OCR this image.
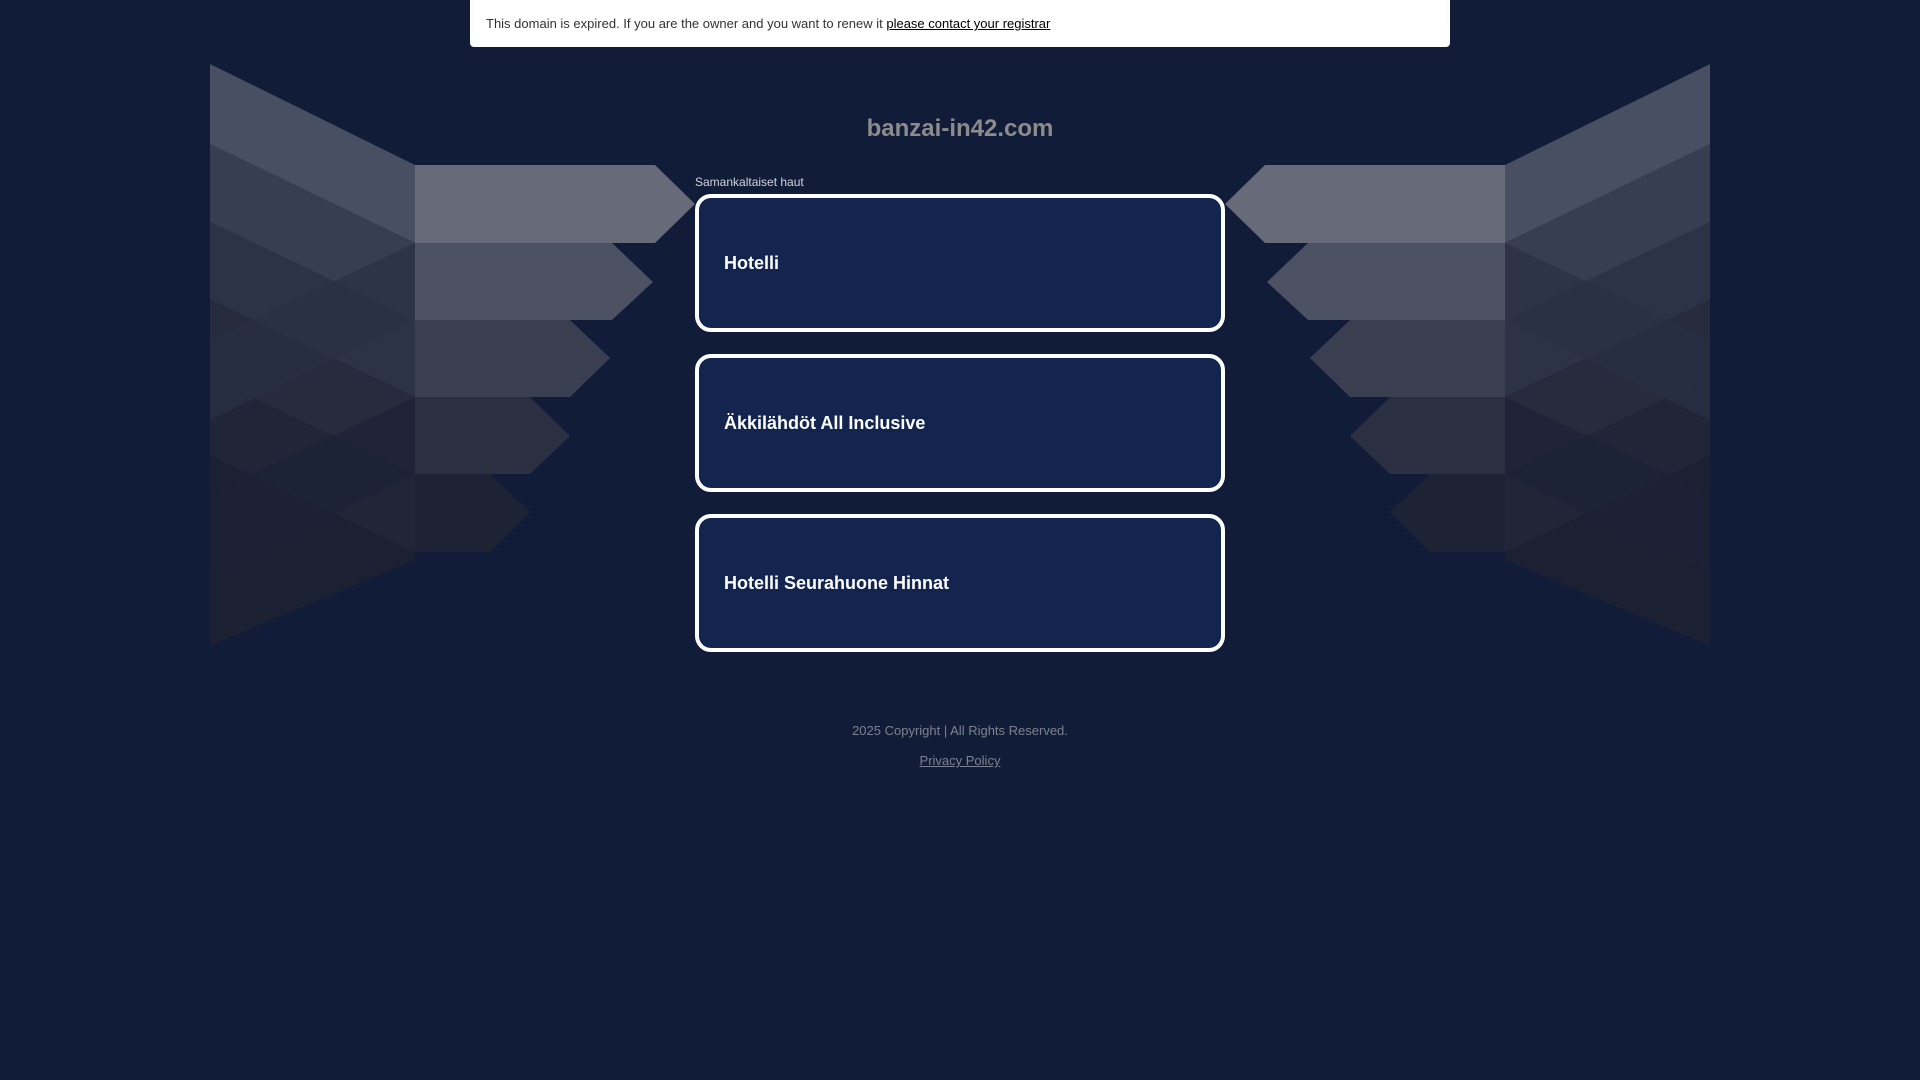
This domain is expired. If you are the owner and you want to renew it please contact your registrar
banzai-in42.com
Samankaltaiset haut
Hotelli
Äkkilähdöt All Inclusive
Hotelli Seurahuone Hinnat
2025 Copyright | All Rights Reserved.
Privacy Policy
